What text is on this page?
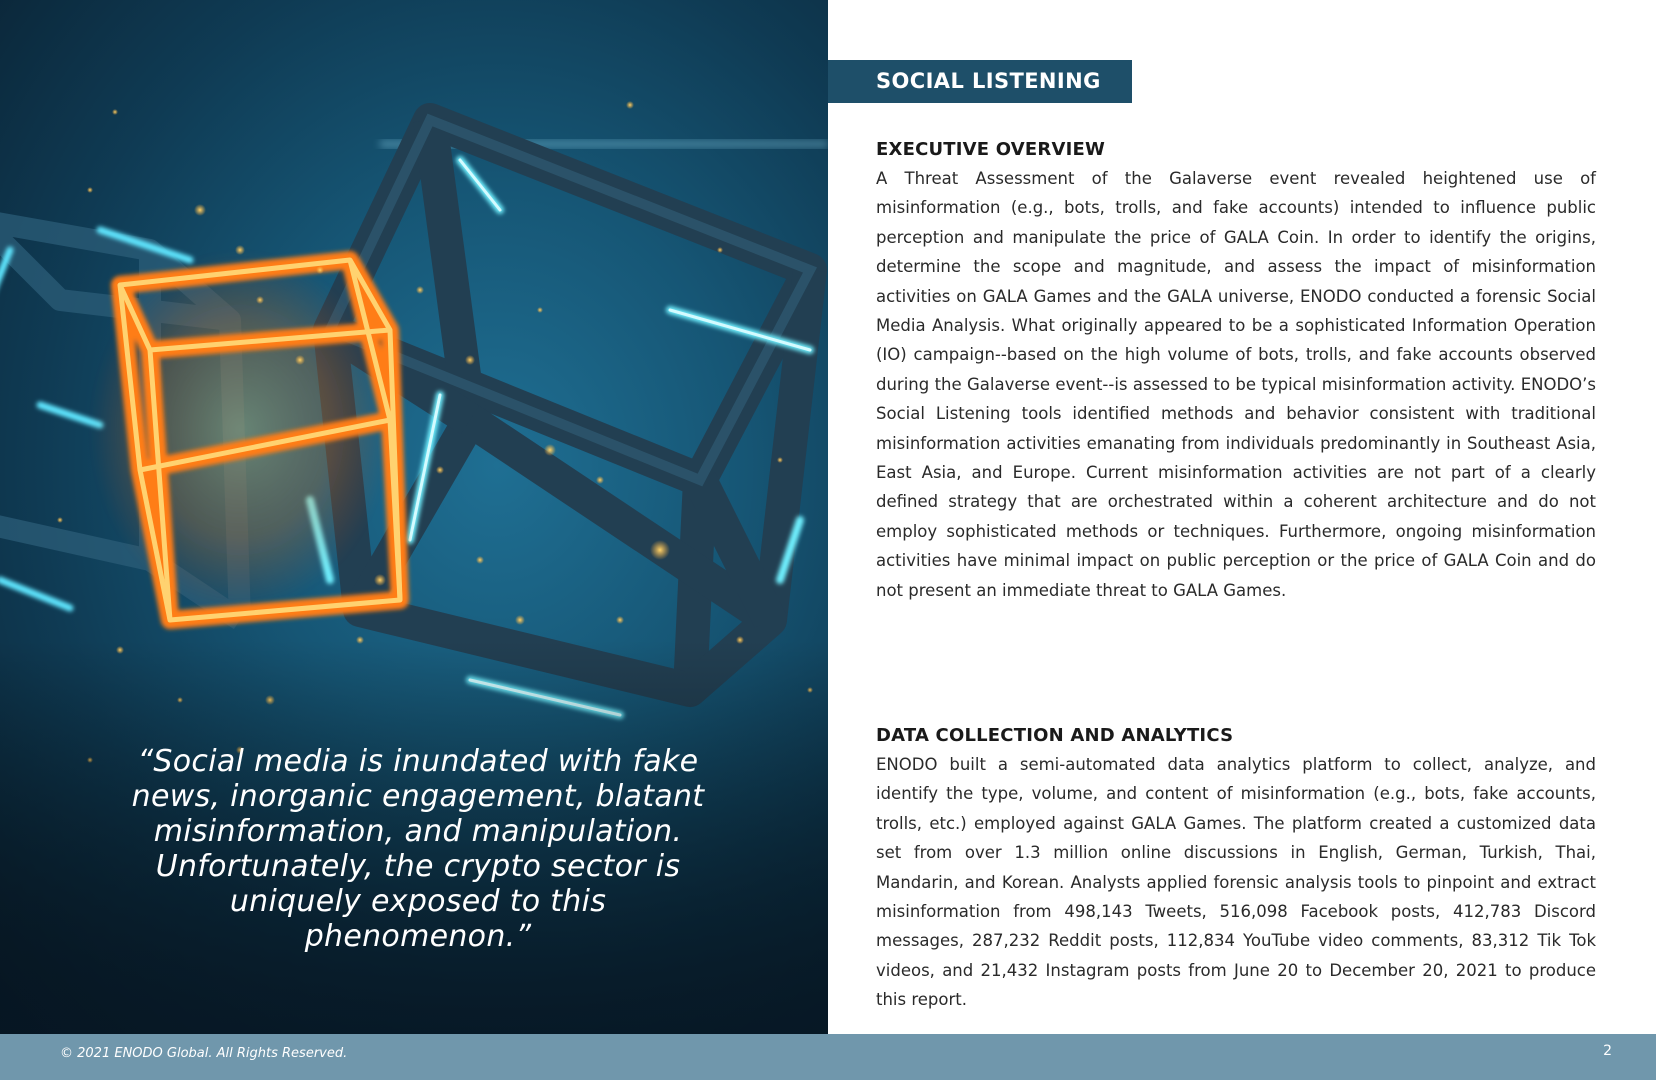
“Social media is inundated with fake news, inorganic engagement, blatant misinformation, and manipulation. Unfortunately, the crypto sector is uniquely exposed to this phenomenon.”
SOCIAL LISTENING
EXECUTIVE OVERVIEW
A Threat Assessment of the Galaverse event revealed heightened use of misinformation (e.g., bots, trolls, and fake accounts) intended to influence public perception and manipulate the price of GALA Coin. In order to identify the origins, determine the scope and magnitude, and assess the impact of misinformation activities on GALA Games and the GALA universe, ENODO conducted a forensic Social Media Analysis. What originally appeared to be a sophisticated Information Operation (IO) campaign--based on the high volume of bots, trolls, and fake accounts observed during the Galaverse event--is assessed to be typical misinformation activity. ENODO’s Social Listening tools identified methods and behavior consistent with traditional misinformation activities emanating from individuals predominantly in Southeast Asia, East Asia, and Europe. Current misinformation activities are not part of a clearly defined strategy that are orchestrated within a coherent architecture and do not employ sophisticated methods or techniques. Furthermore, ongoing misinformation activities have minimal impact on public perception or the price of GALA Coin and do not present an immediate threat to GALA Games.
DATA COLLECTION AND ANALYTICS
ENODO built a semi-automated data analytics platform to collect, analyze, and identify the type, volume, and content of misinformation (e.g., bots, fake accounts, trolls, etc.) employed against GALA Games. The platform created a customized data set from over 1.3 million online discussions in English, German, Turkish, Thai, Mandarin, and Korean. Analysts applied forensic analysis tools to pinpoint and extract misinformation from 498,143 Tweets, 516,098 Facebook posts, 412,783 Discord messages, 287,232 Reddit posts, 112,834 YouTube video comments, 83,312 Tik Tok videos, and 21,432 Instagram posts from June 20 to December 20, 2021 to produce this report.
© 2021 ENODO Global. All Rights Reserved.	2
